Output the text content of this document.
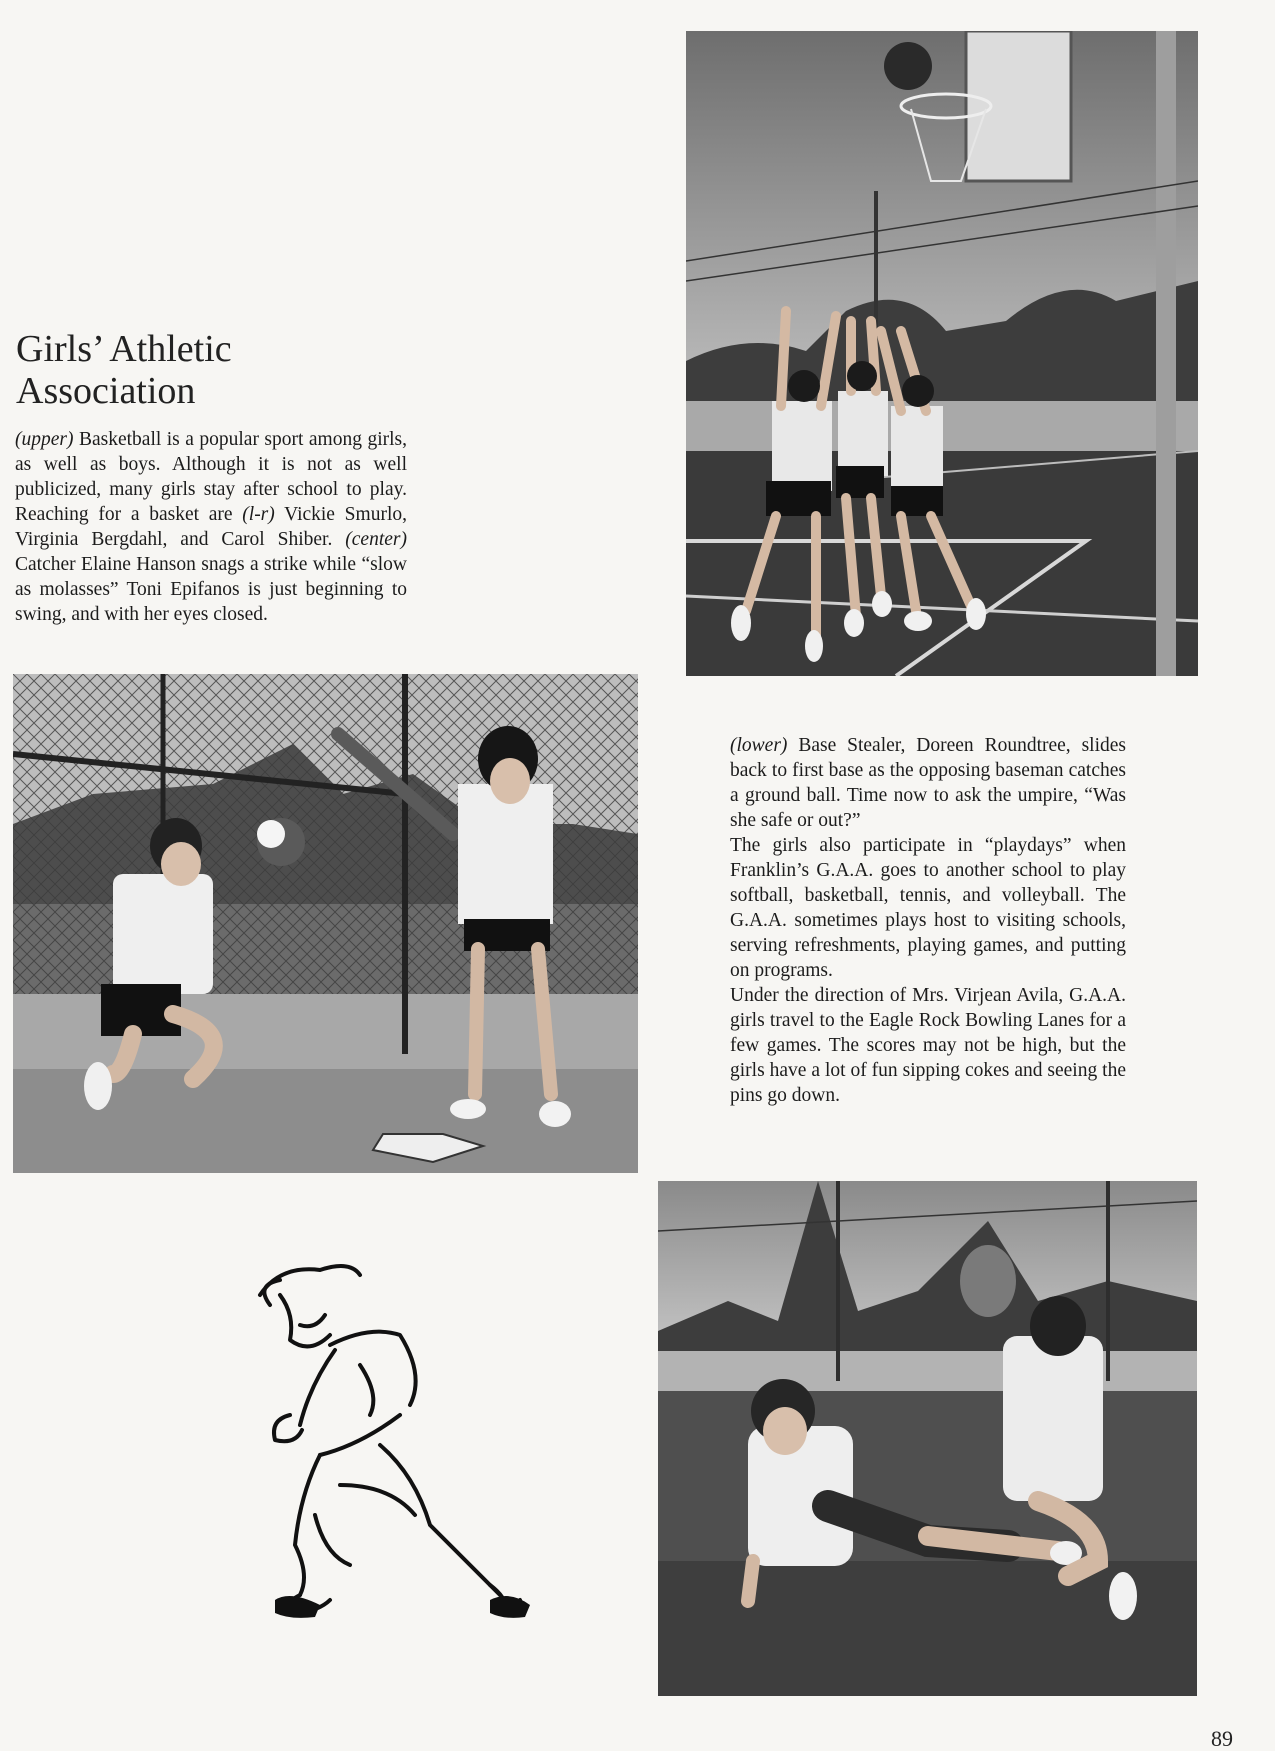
Girls’ Athletic
Association

(upper) Basketball is a popular sport among girls, as well as boys. Although it is not as well publicized, many girls stay after school to play. Reaching for a basket are (l-r) Vickie Smurlo, Virginia Bergdahl, and Carol Shiber. (center) Catcher Elaine Hanson snags a strike while “slow as molasses” Toni Epifanos is just beginning to swing, and with her eyes closed.

(lower) Base Stealer, Doreen Roundtree, slides back to first base as the opposing baseman catches a ground ball. Time now to ask the umpire, “Was she safe or out?”

The girls also participate in “playdays” when Franklin’s G.A.A. goes to another school to play softball, basketball, tennis, and volleyball. The G.A.A. sometimes plays host to visiting schools, serving refreshments, playing games, and putting on programs.

Under the direction of Mrs. Virjean Avila, G.A.A. girls travel to the Eagle Rock Bowling Lanes for a few games. The scores may not be high, but the girls have a lot of fun sipping cokes and seeing the pins go down.

89
